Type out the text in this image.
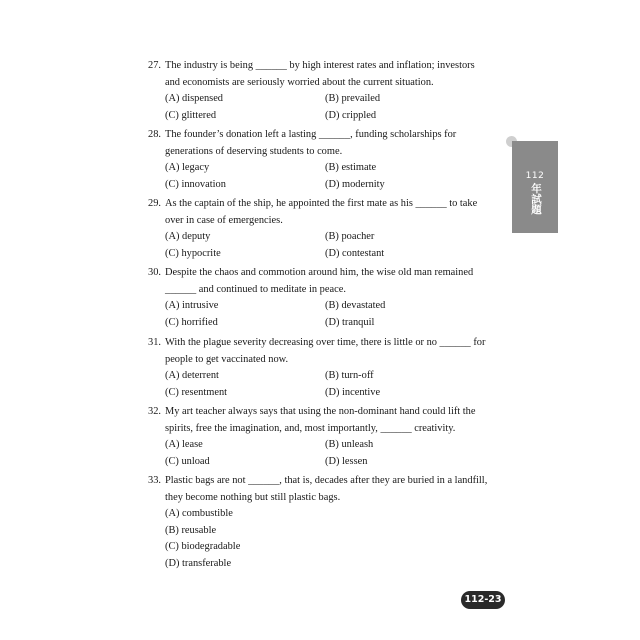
27. The industry is being ______ by high interest rates and inflation; investors and economists are seriously worried about the current situation.
(A) dispensed	(B) prevailed
(C) glittered	(D) crippled
28. The founder’s donation left a lasting ______, funding scholarships for generations of deserving students to come.
(A) legacy	(B) estimate
(C) innovation	(D) modernity
29. As the captain of the ship, he appointed the first mate as his ______ to take over in case of emergencies.
(A) deputy	(B) poacher
(C) hypocrite	(D) contestant
30. Despite the chaos and commotion around him, the wise old man remained ______ and continued to meditate in peace.
(A) intrusive	(B) devastated
(C) horrified	(D) tranquil
31. With the plague severity decreasing over time, there is little or no ______ for people to get vaccinated now.
(A) deterrent	(B) turn-off
(C) resentment	(D) incentive
32. My art teacher always says that using the non-dominant hand could lift the spirits, free the imagination, and, most importantly, ______ creativity.
(A) lease	(B) unleash
(C) unload	(D) lessen
33. Plastic bags are not ______, that is, decades after they are buried in a landfill, they become nothing but still plastic bags.
(A) combustible
(B) reusable
(C) biodegradable
(D) transferable
112
年試題
112-23
